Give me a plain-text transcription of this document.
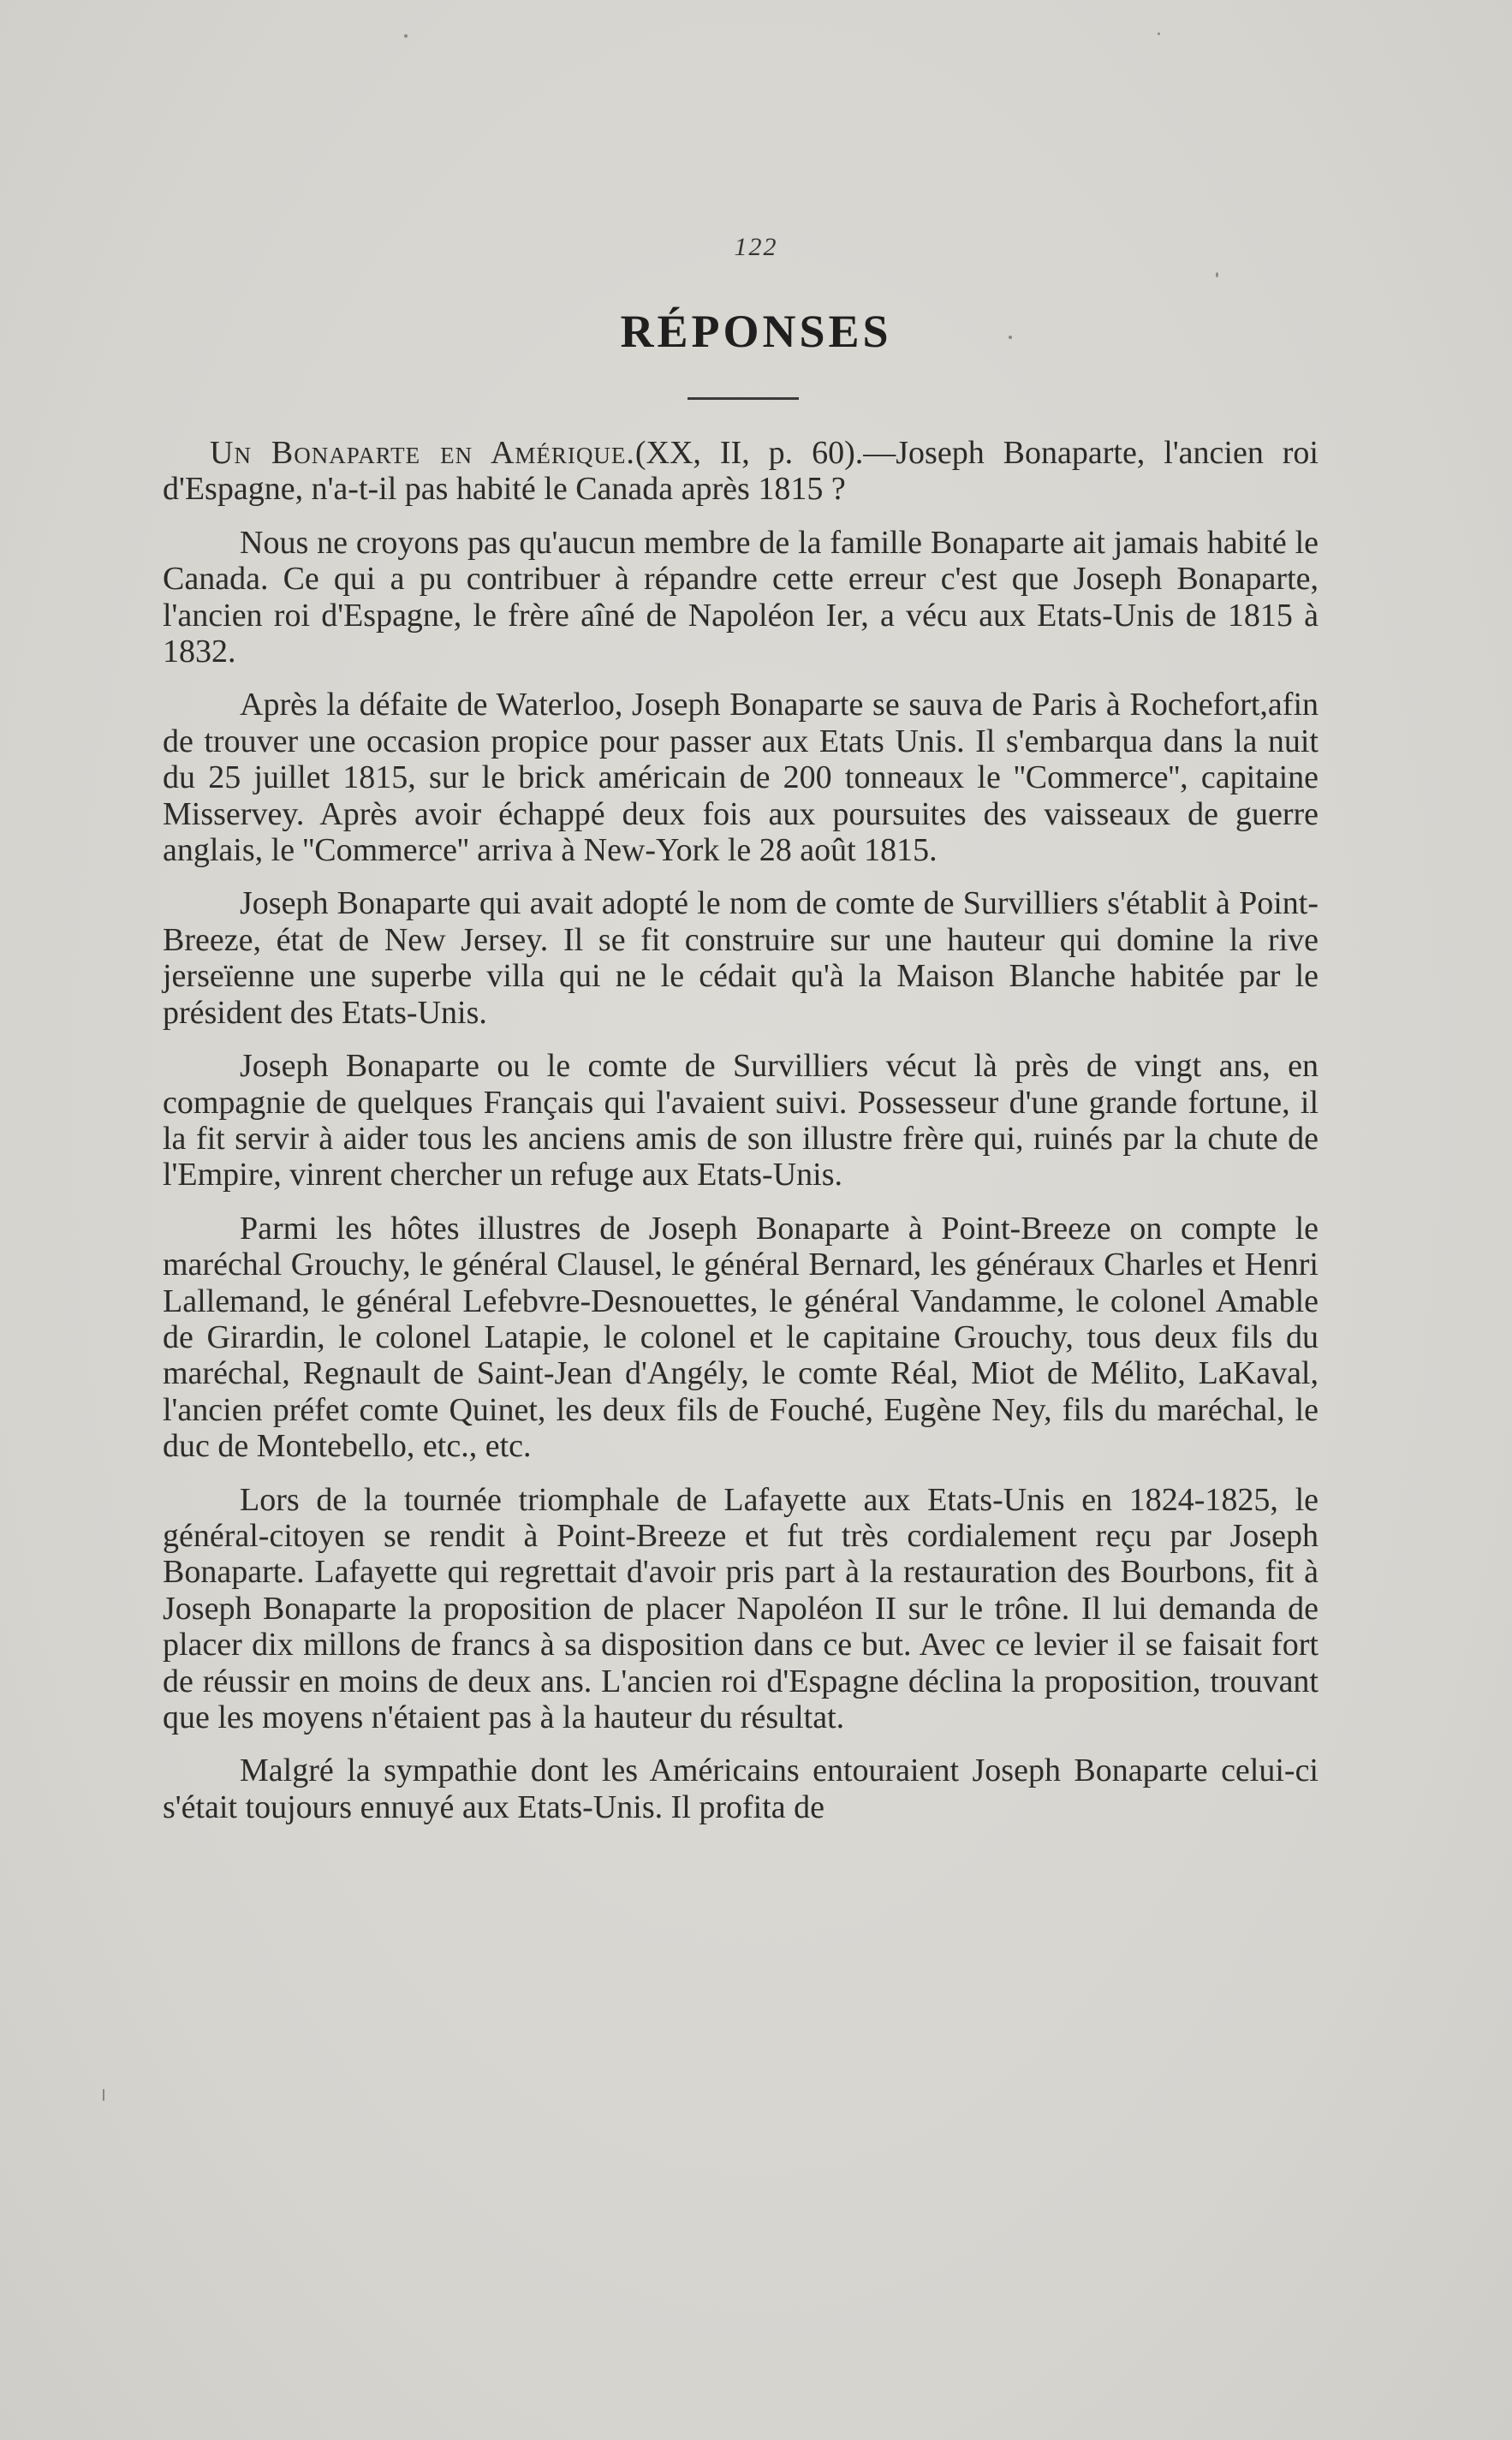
122
RÉPONSES

Un Bonaparte en Amérique.(XX, II, p. 60).—Joseph Bonaparte, l'ancien roi d'Espagne, n'a-t-il pas habité le Canada après 1815 ?

Nous ne croyons pas qu'aucun membre de la famille Bonaparte ait jamais habité le Canada. Ce qui a pu contribuer à répandre cette erreur c'est que Joseph Bonaparte, l'ancien roi d'Espagne, le frère aîné de Napoléon Ier, a vécu aux Etats-Unis de 1815 à 1832.

Après la défaite de Waterloo, Joseph Bonaparte se sauva de Paris à Rochefort,afin de trouver une occasion propice pour passer aux Etats Unis. Il s'embarqua dans la nuit du 25 juillet 1815, sur le brick américain de 200 tonneaux le ''Commerce'', capitaine Misservey. Après avoir échappé deux fois aux poursuites des vaisseaux de guerre anglais, le ''Commerce'' arriva à New-York le 28 août 1815.

Joseph Bonaparte qui avait adopté le nom de comte de Survilliers s'établit à Point-Breeze, état de New Jersey. Il se fit construire sur une hauteur qui domine la rive jerseïenne une superbe villa qui ne le cédait qu'à la Maison Blanche habitée par le président des Etats-Unis.

Joseph Bonaparte ou le comte de Survilliers vécut là près de vingt ans, en compagnie de quelques Français qui l'avaient suivi. Possesseur d'une grande fortune, il la fit servir à aider tous les anciens amis de son illustre frère qui, ruinés par la chute de l'Empire, vinrent chercher un refuge aux Etats-Unis.

Parmi les hôtes illustres de Joseph Bonaparte à Point-Breeze on compte le maréchal Grouchy, le général Clausel, le général Bernard, les généraux Charles et Henri Lallemand, le général Lefebvre-Desnouettes, le général Vandamme, le colonel Amable de Girardin, le colonel Latapie, le colonel et le capitaine Grouchy, tous deux fils du maréchal, Regnault de Saint-Jean d'Angély, le comte Réal, Miot de Mélito, LaKaval, l'ancien préfet comte Quinet, les deux fils de Fouché, Eugène Ney, fils du maréchal, le duc de Montebello, etc., etc.

Lors de la tournée triomphale de Lafayette aux Etats-Unis en 1824-1825, le général-citoyen se rendit à Point-Breeze et fut très cordialement reçu par Joseph Bonaparte. Lafayette qui regrettait d'avoir pris part à la restauration des Bourbons, fit à Joseph Bonaparte la proposition de placer Napoléon II sur le trône. Il lui demanda de placer dix millons de francs à sa disposition dans ce but. Avec ce levier il se faisait fort de réussir en moins de deux ans. L'ancien roi d'Espagne déclina la proposition, trouvant que les moyens n'étaient pas à la hauteur du résultat.

Malgré la sympathie dont les Américains entouraient Joseph Bonaparte celui-ci s'était toujours ennuyé aux Etats-Unis. Il profita de
